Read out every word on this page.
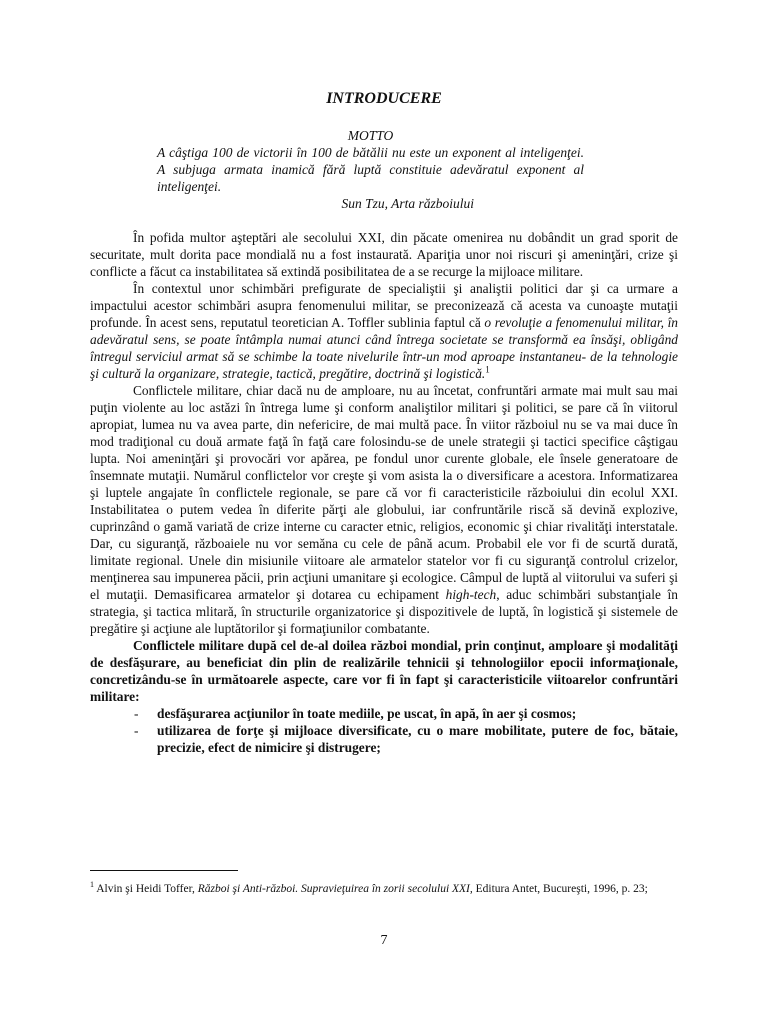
INTRODUCERE
MOTTO
A câştiga 100 de victorii în 100 de bătălii nu este un exponent al inteligenţei. A subjuga armata inamică fără luptă constituie adevăratul exponent al inteligenţei.
Sun Tzu, Arta războiului

În pofida multor aşteptări ale secolului XXI, din păcate omenirea nu dobândit un grad sporit de securitate, mult dorita pace mondială nu a fost instaurată. Apariţia unor noi riscuri şi ameninţări, crize şi conflicte a făcut ca instabilitatea să extindă posibilitatea de a se recurge la mijloace militare.

În contextul unor schimbări prefigurate de specialiştii şi analiştii politici dar şi ca urmare a impactului acestor schimbări asupra fenomenului militar, se preconizează că acesta va cunoaşte mutaţii profunde. În acest sens, reputatul teoretician A. Toffler sublinia faptul că o revoluţie a fenomenului militar, în adevăratul sens, se poate întâmpla numai atunci când întrega societate se transformă ea însăşi, obligând întregul serviciul armat să se schimbe la toate nivelurile într-un mod aproape instantaneu- de la tehnologie şi cultură la organizare, strategie, tactică, pregătire, doctrină şi logistică.$^1$

Conflictele militare, chiar dacă nu de amploare, nu au încetat, confruntări armate mai mult sau mai puţin violente au loc astăzi în întrega lume şi conform analiştilor militari şi politici, se pare că în viitorul apropiat, lumea nu va avea parte, din nefericire, de mai multă pace. În viitor războiul nu se va mai duce în mod tradiţional cu două armate faţă în faţă care folosindu-se de unele strategii şi tactici specifice câştigau lupta. Noi ameninţări şi provocări vor apărea, pe fondul unor curente globale, ele însele generatoare de însemnate mutaţii. Numărul conflictelor vor creşte şi vom asista la o diversificare a acestora. Informatizarea şi luptele angajate în conflictele regionale, se pare că vor fi caracteristicile războiului din ecolul XXI. Instabilitatea o putem vedea în diferite părţi ale globului, iar confruntările riscă să devină explozive, cuprinzând o gamă variată de crize interne cu caracter etnic, religios, economic şi chiar rivalităţi interstatale. Dar, cu siguranţă, războaiele nu vor semăna cu cele de până acum. Probabil ele vor fi de scurtă durată, limitate regional. Unele din misiunile viitoare ale armatelor statelor vor fi cu siguranţă controlul crizelor, menţinerea sau impunerea păcii, prin acţiuni umanitare şi ecologice. Câmpul de luptă al viitorului va suferi şi el mutaţii. Demasificarea armatelor şi dotarea cu echipament high-tech, aduc schimbări substanţiale în strategia, şi tactica mlitară, în structurile organizatorice şi dispozitivele de luptă, în logistică şi sistemele de pregătire şi acţiune ale luptătorilor şi formaţiunilor combatante.

Conflictele militare după cel de-al doilea război mondial, prin conţinut, amploare şi modalităţi de desfăşurare, au beneficiat din plin de realizările tehnicii şi tehnologiilor epocii informaţionale, concretizându-se în următoarele aspecte, care vor fi în fapt şi caracteristicile viitoarelor confruntări militare:

-	desfăşurarea acţiunilor în toate mediile, pe uscat, în apă, în aer şi cosmos;
-	utilizarea de forţe şi mijloace diversificate, cu o mare mobilitate, putere de foc, bătaie, precizie, efect de nimicire şi distrugere;
$^1$ Alvin şi Heidi Toffer, Război şi Anti-război. Supravieţuirea în zorii secolului XXI, Editura Antet, Bucureşti, 1996, p. 23;
7
